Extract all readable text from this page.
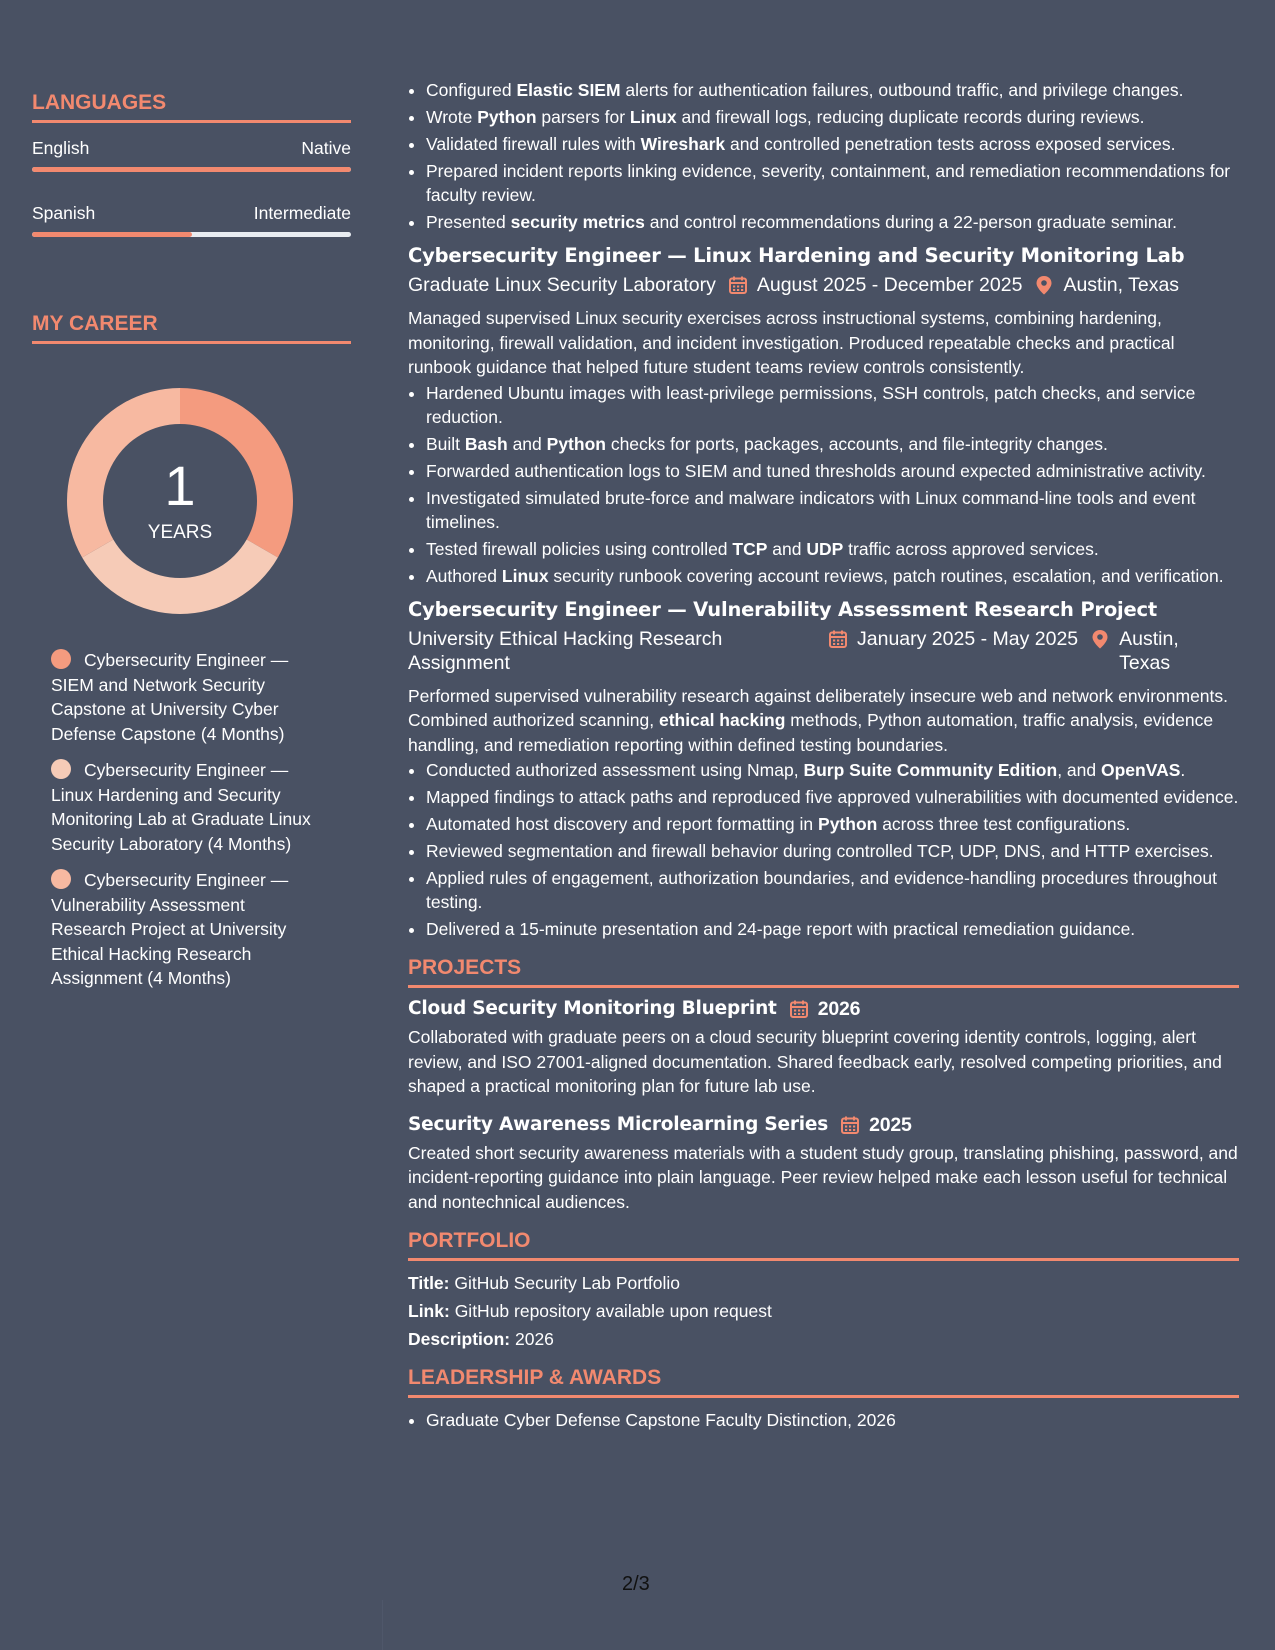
LANGUAGES
English	Native
Spanish	Intermediate
MY CAREER
1
YEARS
Cybersecurity Engineer — SIEM and Network Security Capstone at University Cyber Defense Capstone (4 Months)
Cybersecurity Engineer — Linux Hardening and Security Monitoring Lab at Graduate Linux Security Laboratory (4 Months)
Cybersecurity Engineer — Vulnerability Assessment Research Project at University Ethical Hacking Research Assignment (4 Months)
• Configured Elastic SIEM alerts for authentication failures, outbound traffic, and privilege changes.
• Wrote Python parsers for Linux and firewall logs, reducing duplicate records during reviews.
• Validated firewall rules with Wireshark and controlled penetration tests across exposed services.
• Prepared incident reports linking evidence, severity, containment, and remediation recommendations for faculty review.
• Presented security metrics and control recommendations during a 22-person graduate seminar.
Cybersecurity Engineer — Linux Hardening and Security Monitoring Lab
Graduate Linux Security Laboratory August 2025 - December 2025 Austin, Texas

Managed supervised Linux security exercises across instructional systems, combining hardening, monitoring, firewall validation, and incident investigation. Produced repeatable checks and practical runbook guidance that helped future student teams review controls consistently.

• Hardened Ubuntu images with least-privilege permissions, SSH controls, patch checks, and service reduction.
• Built Bash and Python checks for ports, packages, accounts, and file-integrity changes.
• Forwarded authentication logs to SIEM and tuned thresholds around expected administrative activity.
• Investigated simulated brute-force and malware indicators with Linux command-line tools and event timelines.
• Tested firewall policies using controlled TCP and UDP traffic across approved services.
• Authored Linux security runbook covering account reviews, patch routines, escalation, and verification.
Cybersecurity Engineer — Vulnerability Assessment Research Project
University Ethical Hacking Research Assignment
January 2025 - May 2025 Austin, Texas

Performed supervised vulnerability research against deliberately insecure web and network environments. Combined authorized scanning, ethical hacking methods, Python automation, traffic analysis, evidence handling, and remediation reporting within defined testing boundaries.

• Conducted authorized assessment using Nmap, Burp Suite Community Edition, and OpenVAS.
• Mapped findings to attack paths and reproduced five approved vulnerabilities with documented evidence.
• Automated host discovery and report formatting in Python across three test configurations.
• Reviewed segmentation and firewall behavior during controlled TCP, UDP, DNS, and HTTP exercises.
• Applied rules of engagement, authorization boundaries, and evidence-handling procedures throughout testing.
• Delivered a 15-minute presentation and 24-page report with practical remediation guidance.
PROJECTS
Cloud Security Monitoring Blueprint 2026

Collaborated with graduate peers on a cloud security blueprint covering identity controls, logging, alert review, and ISO 27001-aligned documentation. Shared feedback early, resolved competing priorities, and shaped a practical monitoring plan for future lab use.

Security Awareness Microlearning Series 2025

Created short security awareness materials with a student study group, translating phishing, password, and incident-reporting guidance into plain language. Peer review helped make each lesson useful for technical and nontechnical audiences.

PORTFOLIO

Title: GitHub Security Lab Portfolio

Link: GitHub repository available upon request

Description: 2026

LEADERSHIP & AWARDS
• Graduate Cyber Defense Capstone Faculty Distinction, 2026
2/3
